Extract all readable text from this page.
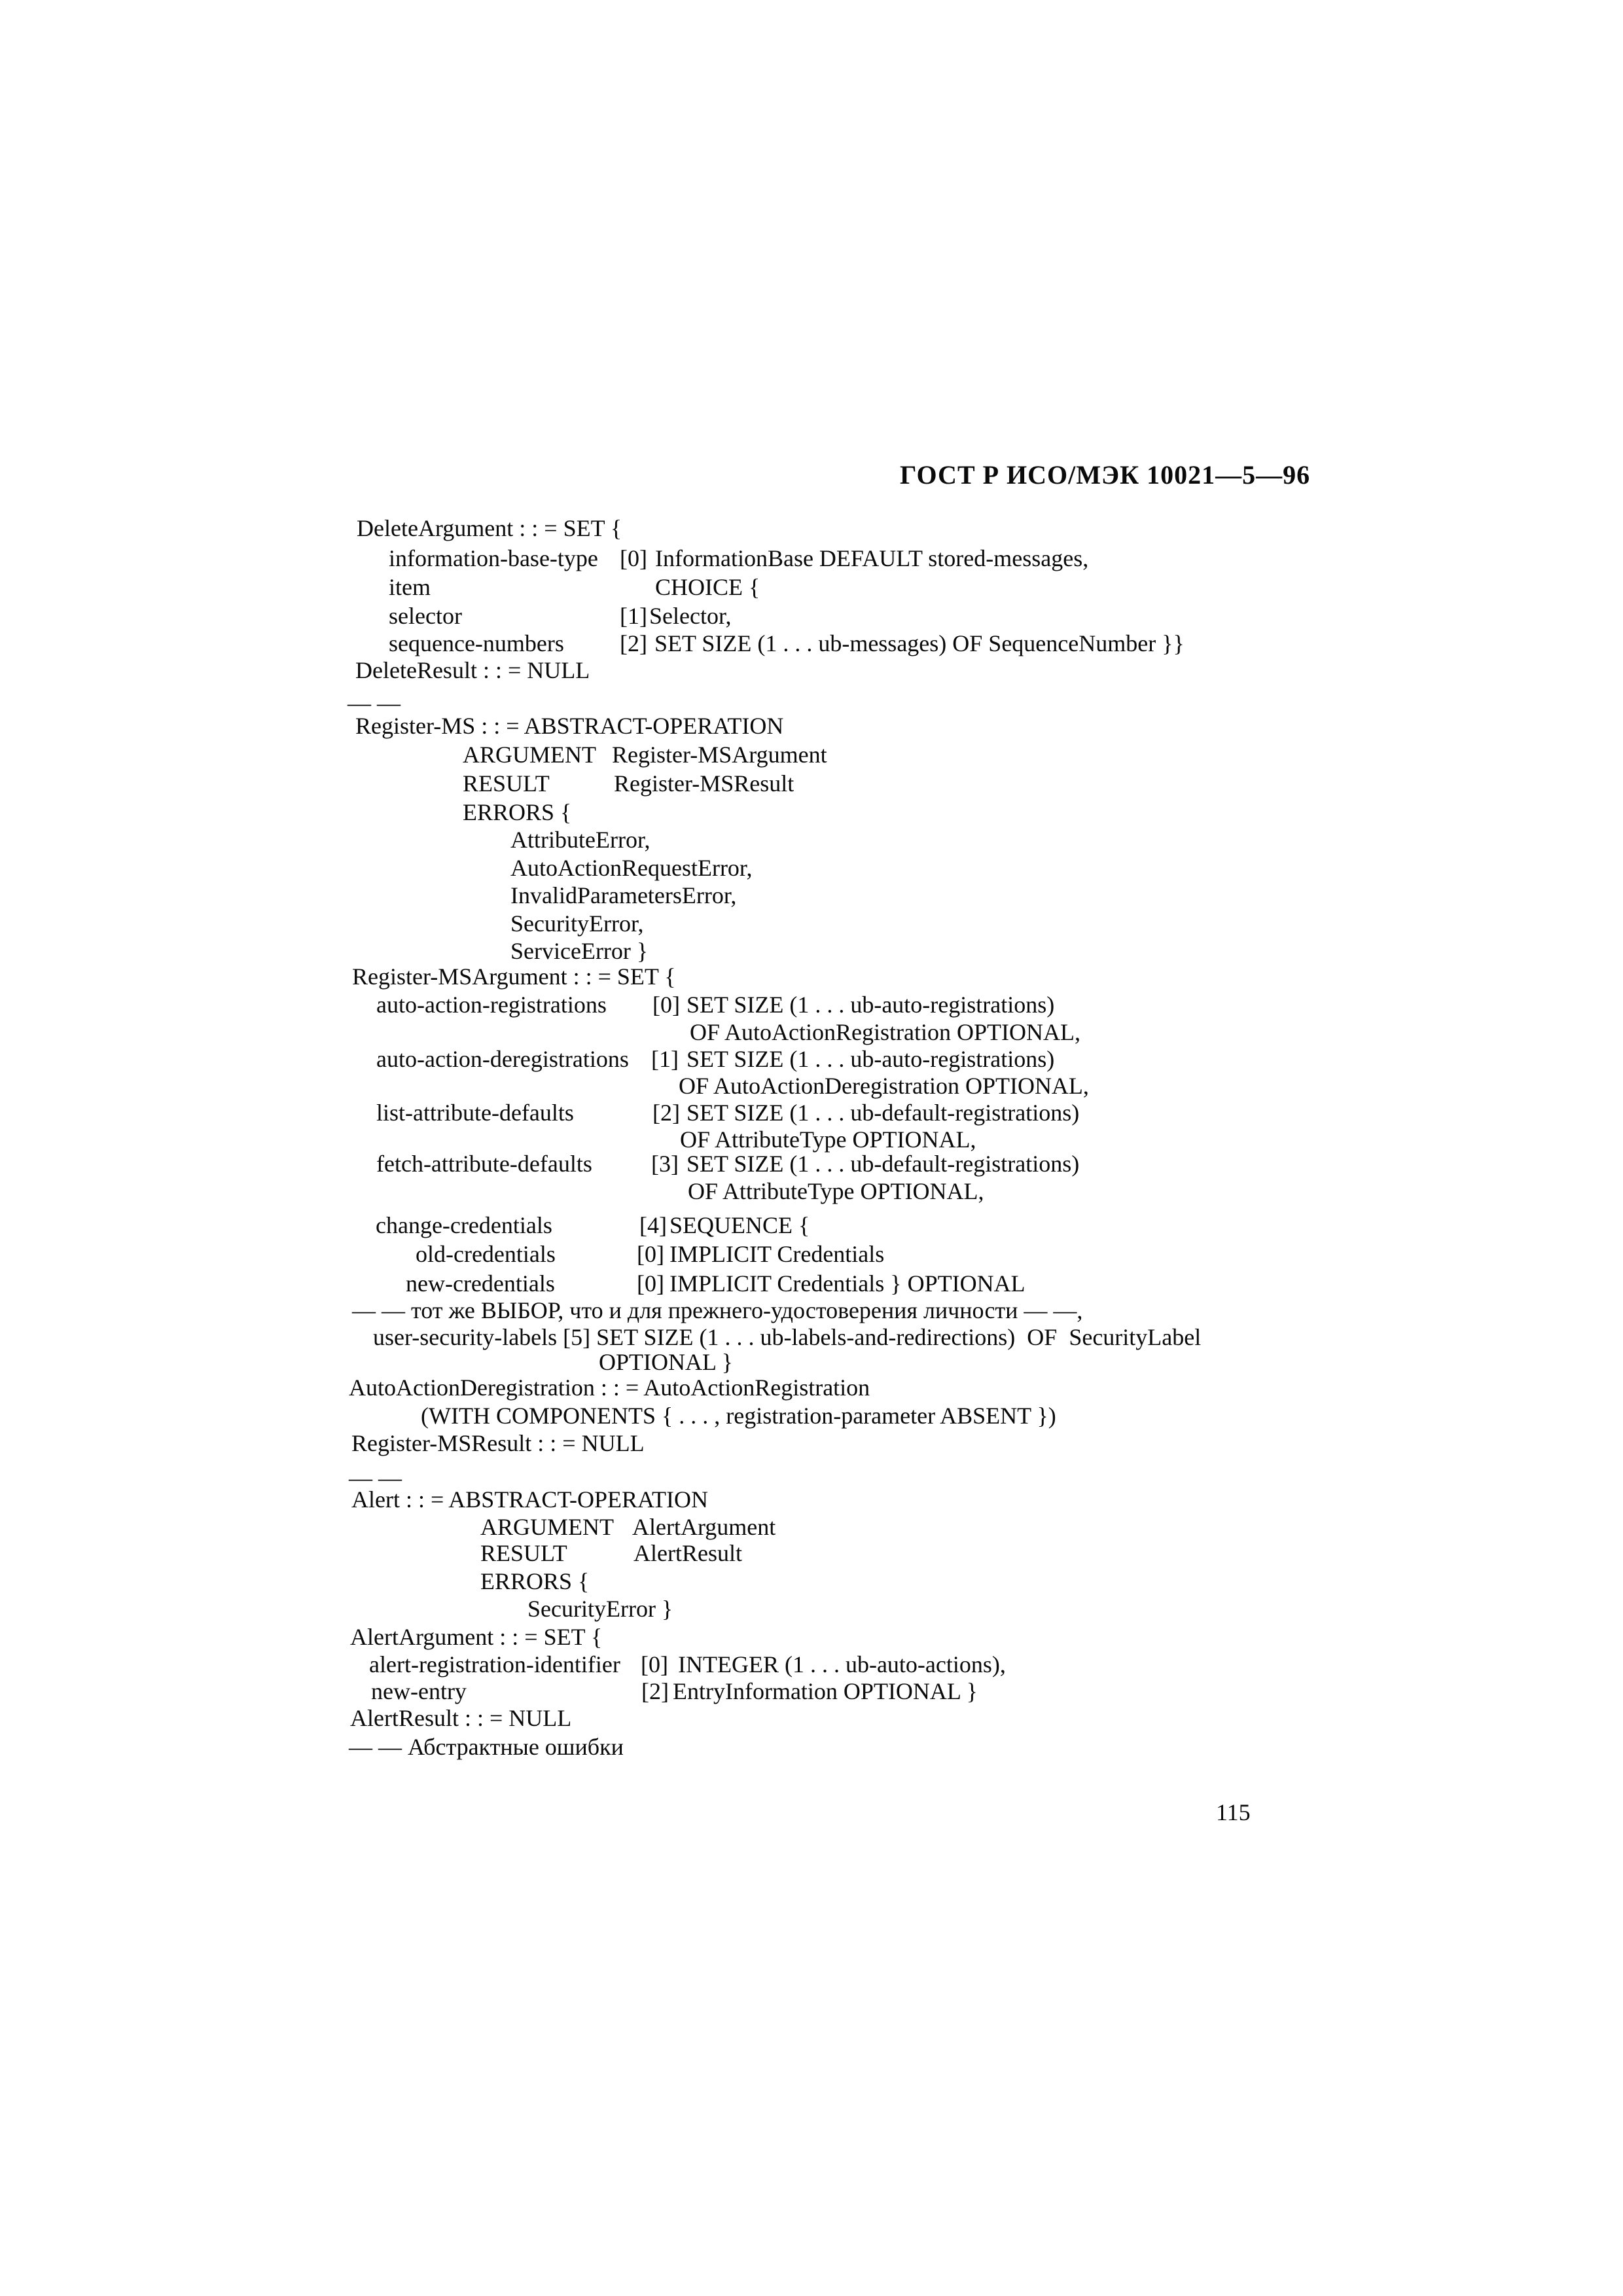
ГОСТ Р ИСО/МЭК 10021—5—96
DeleteArgument : : = SET {
information-base-type [0] InformationBase DEFAULT stored-messages,
item	CHOICE {
selector	[1] Selector,
sequence-numbers [2] SET SIZE (1 . . . ub-messages) OF SequenceNumber }}
DeleteResult : : = NULL
— —
Register-MS : : = ABSTRACT-OPERATION
ARGUMENT Register-MSArgument
RESULT	Register-MSResult
ERRORS {
AttributeError,
AutoActionRequestError,
InvalidParametersError,
SecurityError,
ServiceError }
Register-MSArgument : : = SET {
auto-action-registrations [0] SET SIZE (1 . . . ub-auto-registrations)
OF AutoActionRegistration OPTIONAL,
auto-action-deregistrations [1] SET SIZE (1 . . . ub-auto-registrations)
OF AutoActionDeregistration OPTIONAL,
list-attribute-defaults	[2] SET SIZE (1 . . . ub-default-registrations)
OF AttributeType OPTIONAL,
fetch-attribute-defaults	[3] SET SIZE (1 . . . ub-default-registrations)
OF AttributeType OPTIONAL,
change-credentials	[4] SEQUENCE {
old-credentials	[0] IMPLICIT Credentials
new-credentials	[0] IMPLICIT Credentials } OPTIONAL
— — тот же ВЫБОР, что и для прежнего-удостоверения личности — —,
user-security-labels [5] SET SIZE (1 . . . ub-labels-and-redirections)  OF  SecurityLabel
OPTIONAL }
AutoActionDeregistration : : = AutoActionRegistration
(WITH COMPONENTS { . . . , registration-parameter ABSENT })
Register-MSResult : : = NULL
— —
Alert : : = ABSTRACT-OPERATION
ARGUMENT AlertArgument
RESULT	AlertResult
ERRORS {
SecurityError }
AlertArgument : : = SET {
alert-registration-identifier [0] INTEGER (1 . . . ub-auto-actions),
new-entry	[2] EntryInformation OPTIONAL }
AlertResult : : = NULL
— — Абстрактные ошибки
115
